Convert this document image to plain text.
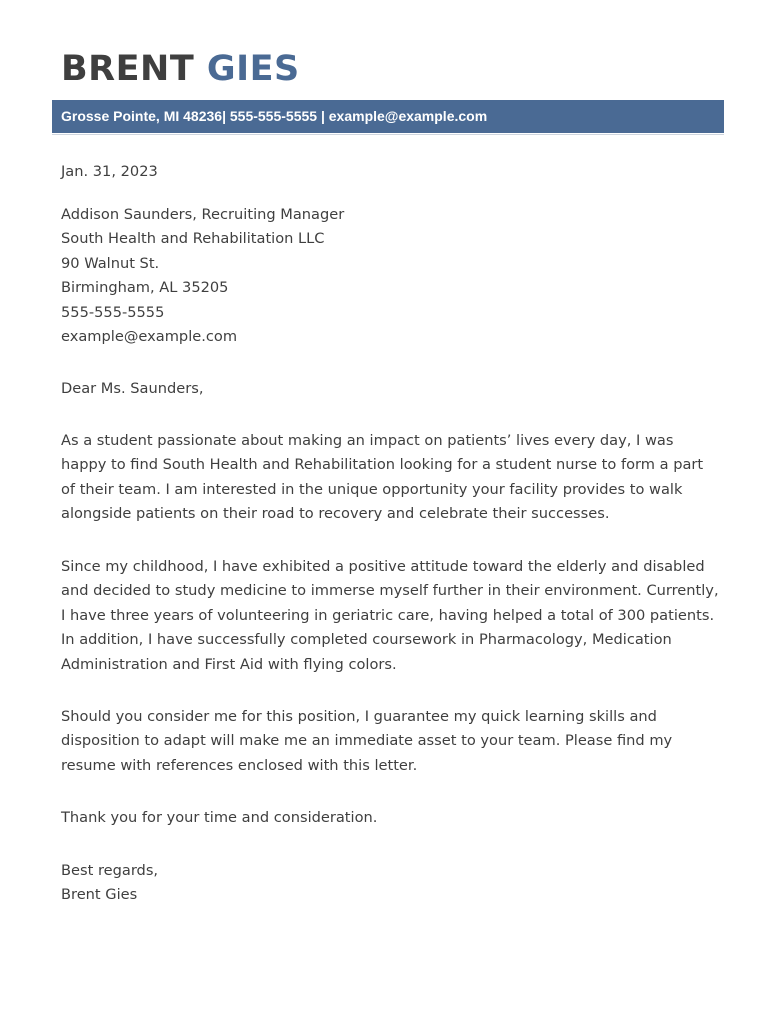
BRENT GIES
Grosse Pointe, MI 48236| 555-555-5555 | example@example.com
Jan. 31, 2023
Addison Saunders, Recruiting Manager
South Health and Rehabilitation LLC
90 Walnut St.
Birmingham, AL 35205
555-555-5555
example@example.com
Dear Ms. Saunders,
As a student passionate about making an impact on patients’ lives every day, I was
happy to find South Health and Rehabilitation looking for a student nurse to form a part
of their team. I am interested in the unique opportunity your facility provides to walk
alongside patients on their road to recovery and celebrate their successes.
Since my childhood, I have exhibited a positive attitude toward the elderly and disabled
and decided to study medicine to immerse myself further in their environment. Currently,
I have three years of volunteering in geriatric care, having helped a total of 300 patients.
In addition, I have successfully completed coursework in Pharmacology, Medication
Administration and First Aid with flying colors.
Should you consider me for this position, I guarantee my quick learning skills and
disposition to adapt will make me an immediate asset to your team. Please find my
resume with references enclosed with this letter.
Thank you for your time and consideration.
Best regards,
Brent Gies
